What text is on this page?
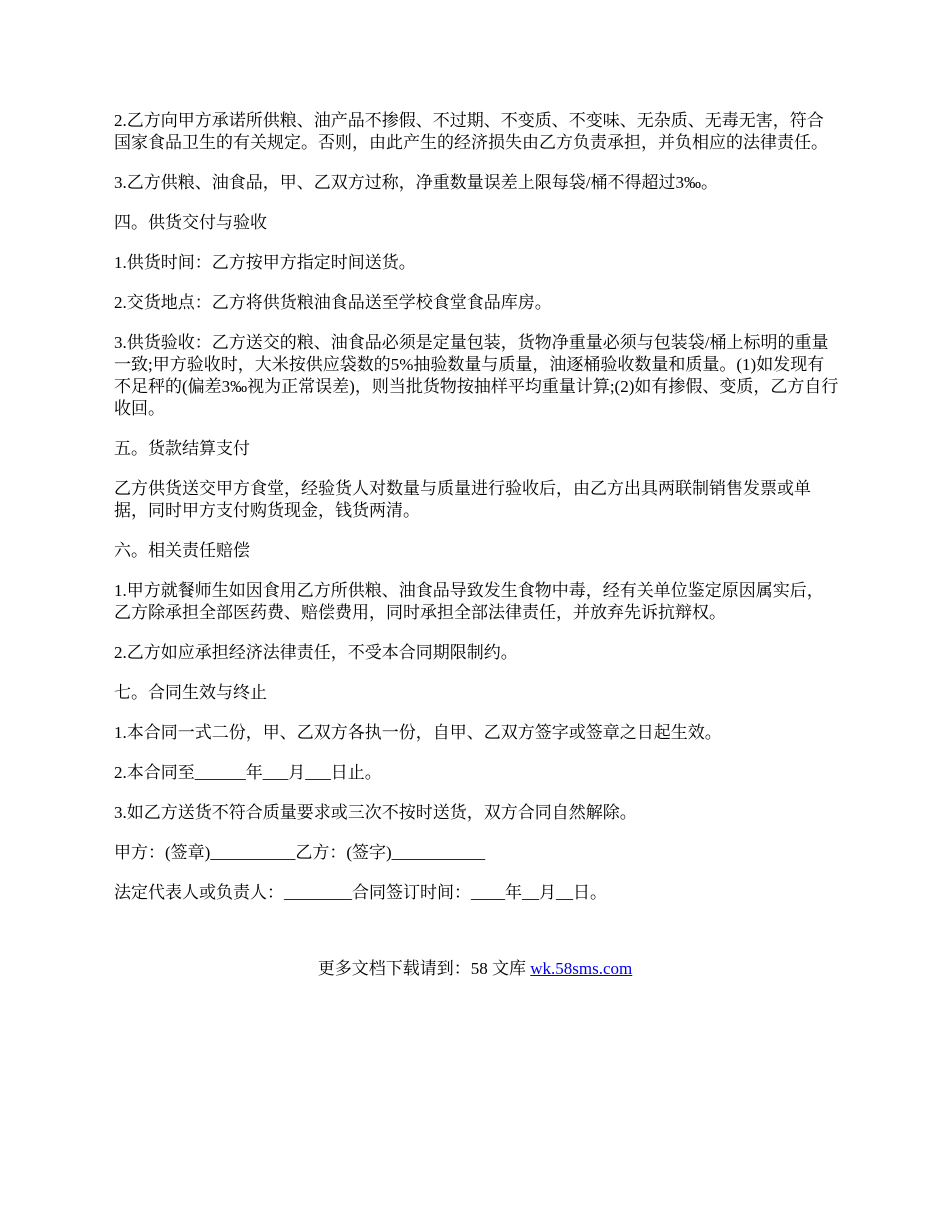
2.乙方向甲方承诺所供粮、油产品不掺假、不过期、不变质、不变味、无杂质、无毒无害，符合国家食品卫生的有关规定。否则，由此产生的经济损失由乙方负责承担，并负相应的法律责任。

3.乙方供粮、油食品，甲、乙双方过称，净重数量误差上限每袋/桶不得超过3‰。

四。供货交付与验收

1.供货时间：乙方按甲方指定时间送货。

2.交货地点：乙方将供货粮油食品送至学校食堂食品库房。

3.供货验收：乙方送交的粮、油食品必须是定量包装，货物净重量必须与包装袋/桶上标明的重量一致;甲方验收时，大米按供应袋数的5%抽验数量与质量，油逐桶验收数量和质量。(1)如发现有不足秤的(偏差3‰视为正常误差)，则当批货物按抽样平均重量计算;(2)如有掺假、变质，乙方自行收回。

五。货款结算支付

乙方供货送交甲方食堂，经验货人对数量与质量进行验收后，由乙方出具两联制销售发票或单据，同时甲方支付购货现金，钱货两清。

六。相关责任赔偿

1.甲方就餐师生如因食用乙方所供粮、油食品导致发生食物中毒，经有关单位鉴定原因属实后，乙方除承担全部医药费、赔偿费用，同时承担全部法律责任，并放弃先诉抗辩权。

2.乙方如应承担经济法律责任，不受本合同期限制约。

七。合同生效与终止

1.本合同一式二份，甲、乙双方各执一份，自甲、乙双方签字或签章之日起生效。

2.本合同至______年___月___日止。

3.如乙方送货不符合质量要求或三次不按时送货，双方合同自然解除。

甲方：(签章)__________乙方：(签字)___________

法定代表人或负责人：________合同签订时间：____年__月__日。

更多文档下载请到：58 文库 wk.58sms.com
